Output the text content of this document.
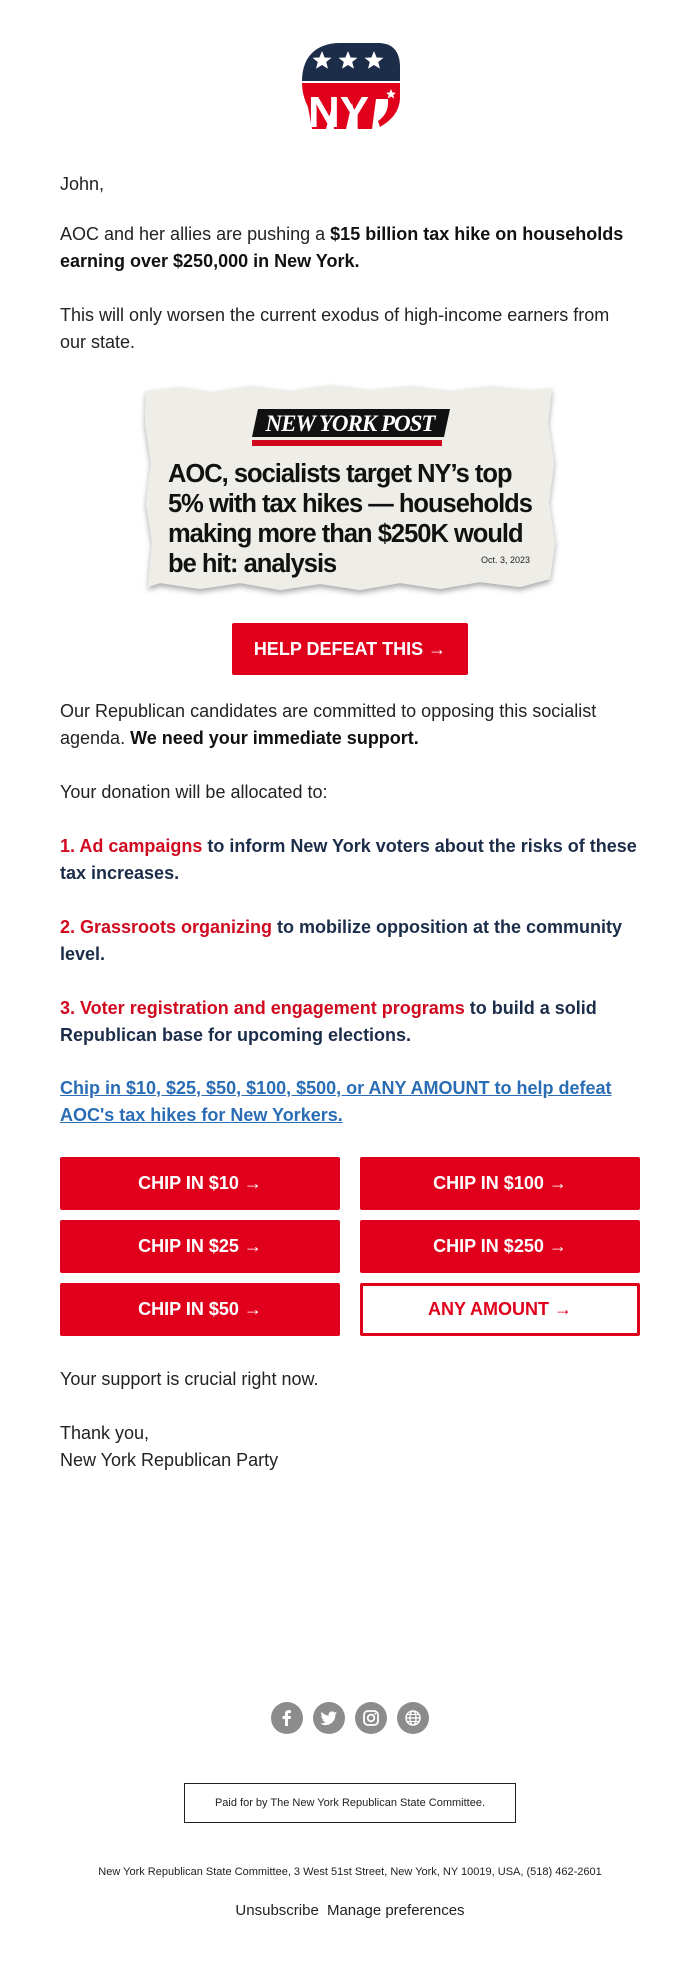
NY

John,

AOC and her allies are pushing a $15 billion tax hike on households earning over $250,000 in New York.

This will only worsen the current exodus of high-income earners from our state.

NEW YORK POST
AOC, socialists target NY’s top 5% with tax hikes — households making more than $250K would be hit: analysis	Oct. 3, 2023
HELP DEFEAT THIS →

Our Republican candidates are committed to opposing this socialist agenda. We need your immediate support.

Your donation will be allocated to:

1. Ad campaigns to inform New York voters about the risks of these tax increases.

2. Grassroots organizing to mobilize opposition at the community level.

3. Voter registration and engagement programs to build a solid Republican base for upcoming elections.

Chip in $10, $25, $50, $100, $500, or ANY AMOUNT to help defeat AOC's tax hikes for New Yorkers.
CHIP IN $10 →	CHIP IN $100 →
CHIP IN $25 →	CHIP IN $250 →
CHIP IN $50 →	ANY AMOUNT →

Your support is crucial right now.

Thank you,

New York Republican Party

Paid for by The New York Republican State Committee.
New York Republican State Committee, 3 West 51st Street, New York, NY 10019, USA, (518) 462-2601
Unsubscribe Manage preferences
